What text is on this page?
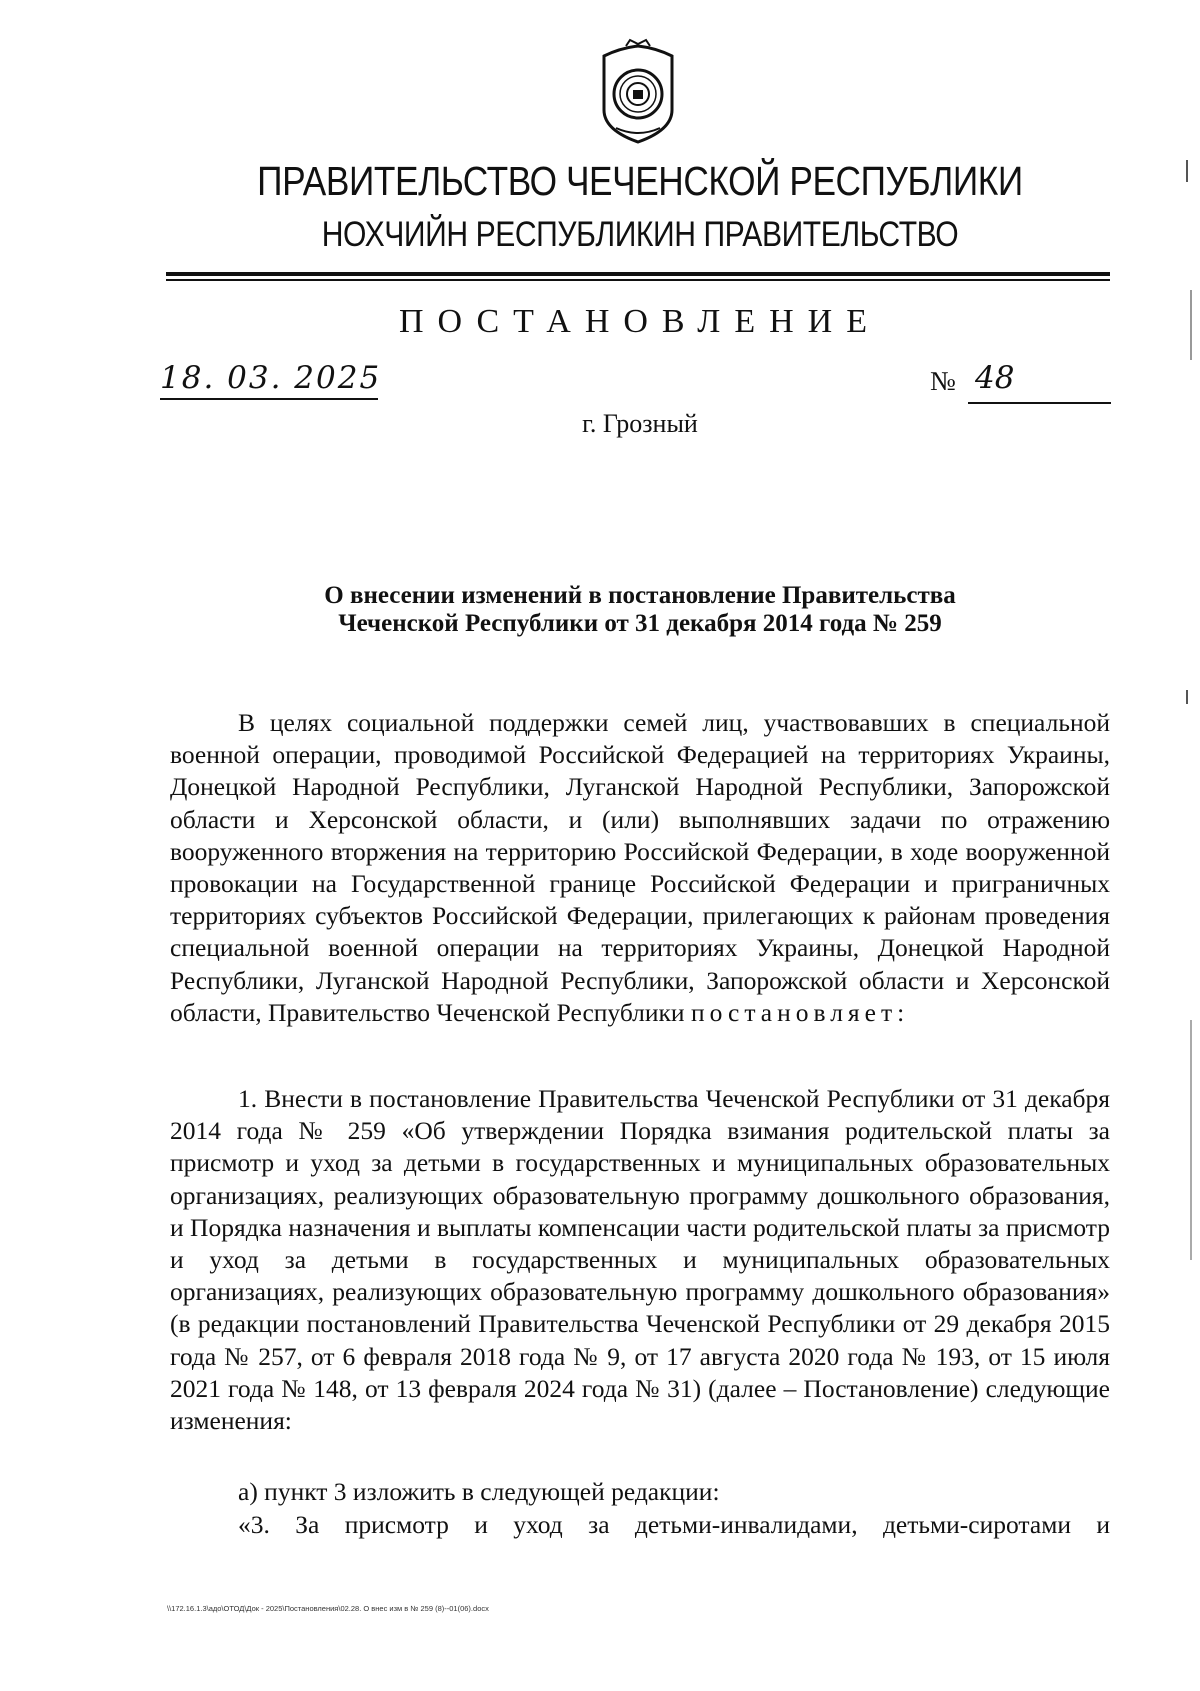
ПРАВИТЕЛЬСТВО ЧЕЧЕНСКОЙ РЕСПУБЛИКИ
НОХЧИЙН РЕСПУБЛИКИН ПРАВИТЕЛЬСТВО
ПОСТАНОВЛЕНИЕ
18. 03. 2025	№ 48
г. Грозный
О внесении изменений в постановление Правительства
Чеченской Республики от 31 декабря 2014 года № 259
В целях социальной поддержки семей лиц, участвовавших в специальной военной операции, проводимой Российской Федерацией на территориях Украины, Донецкой Народной Республики, Луганской Народной Республики, Запорожской области и Херсонской области, и (или) выполнявших задачи по отражению вооруженного вторжения на территорию Российской Федерации, в ходе вооруженной провокации на Государственной границе Российской Федерации и приграничных территориях субъектов Российской Федерации, прилегающих к районам проведения специальной военной операции на территориях Украины, Донецкой Народной Республики, Луганской Народной Республики, Запорожской области и Херсонской области, Правительство Чеченской Республики постановляет:
1. Внести в постановление Правительства Чеченской Республики от 31 декабря 2014 года № 259 «Об утверждении Порядка взимания родительской платы за присмотр и уход за детьми в государственных и муниципальных образовательных организациях, реализующих образовательную программу дошкольного образования, и Порядка назначения и выплаты компенсации части родительской платы за присмотр и уход за детьми в государственных и муниципальных образовательных организациях, реализующих образовательную программу дошкольного образования» (в редакции постановлений Правительства Чеченской Республики от 29 декабря 2015 года № 257, от 6 февраля 2018 года № 9, от 17 августа 2020 года № 193, от 15 июля 2021 года № 148, от 13 февраля 2024 года № 31) (далее – Постановление) следующие изменения:
а) пункт 3 изложить в следующей редакции:
«3. За присмотр и уход за детьми-инвалидами, детьми-сиротами и
\\172.16.1.3\адо\ОТОД\Док - 2025\Постановления\02.28. О внес изм в № 259 (8)--01(06).docx
